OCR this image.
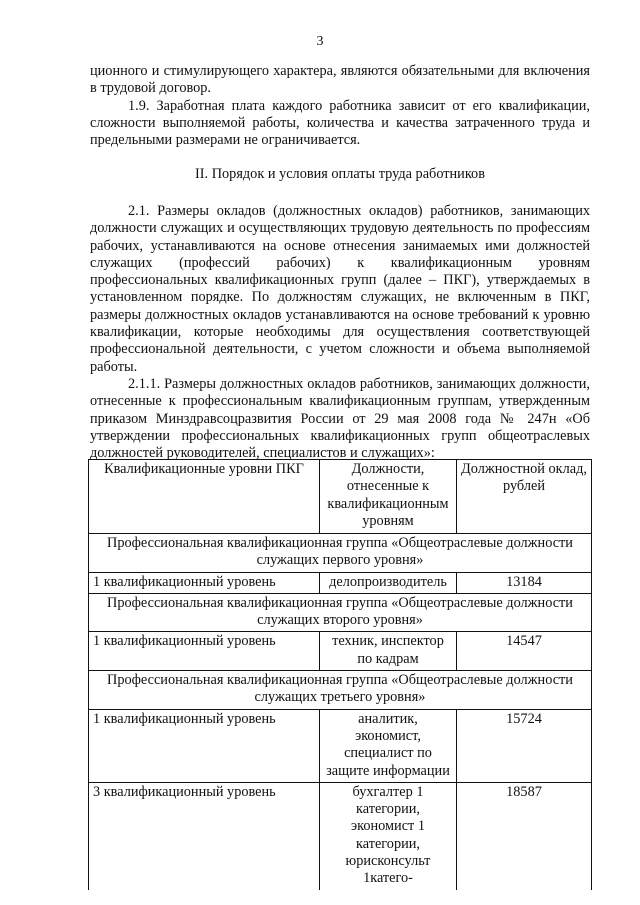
3

ционного и стимулирующего характера, являются обязательными для включения в трудовой договор.

1.9. Заработная плата каждого работника зависит от его квалификации, сложности выполняемой работы, количества и качества затраченного труда и предельными размерами не ограничивается.

II. Порядок и условия оплаты труда работников

2.1. Размеры окладов (должностных окладов) работников, занимающих должности служащих и осуществляющих трудовую деятельность по профессиям рабочих, устанавливаются на основе отнесения занимаемых ими должностей служащих (профессий рабочих) к квалификационным уровням профессиональных квалификационных групп (далее – ПКГ), утверждаемых в установленном порядке. По должностям служащих, не включенным в ПКГ, размеры должностных окладов устанавливаются на основе требований к уровню квалификации, которые необходимы для осуществления соответствующей профессиональной деятельности, с учетом сложности и объема выполняемой работы.

2.1.1. Размеры должностных окладов работников, занимающих должности, отнесенные к профессиональным квалификационным группам, утвержденным приказом Минздравсоцразвития России от 29 мая 2008 года № 247н «Об утверждении профессиональных квалификационных групп общеотраслевых должностей руководителей, специалистов и служащих»:

Квалификационные уровни ПКГ	Должности, отнесенные к квалификационным уровням	Должностной оклад, рублей
Профессиональная квалификационная группа «Общеотраслевые должности служащих первого уровня»		
1 квалификационный уровень	делопроизводитель	13184
Профессиональная квалификационная группа «Общеотраслевые должности служащих второго уровня»		
1 квалификационный уровень	техник, инспектор по кадрам	14547
Профессиональная квалификационная группа «Общеотраслевые должности служащих третьего уровня»		
1 квалификационный уровень	аналитик, экономист, специалист по защите информации	15724
3 квалификационный уровень	бухгалтер 1 категории, экономист 1 категории, юрисконсульт 1катего-	18587
